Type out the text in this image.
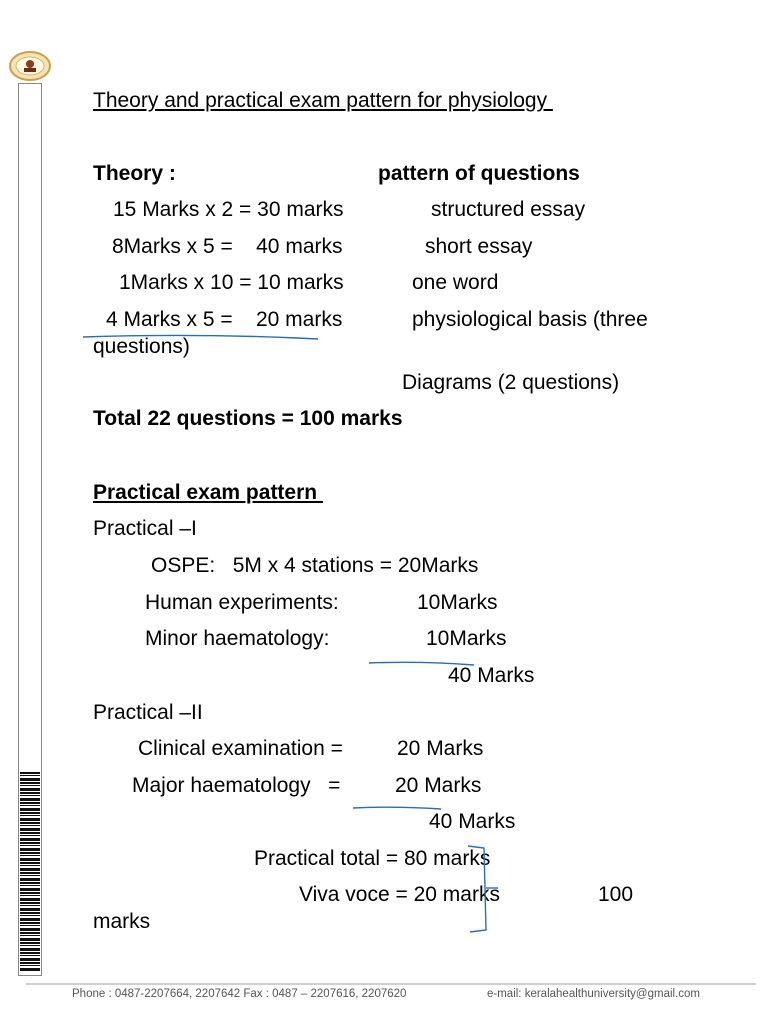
Theory and practical exam pattern for physiology
Theory :	pattern of questions
15 Marks x 2 = 30 marks	structured essay
8Marks x 5 =    40 marks	short essay
1Marks x 10 = 10 marks	one word
4 Marks x 5 =    20 marks	physiological basis (three
questions)
Diagrams (2 questions)
Total 22 questions = 100 marks
Practical exam pattern
Practical –I
OSPE:   5M x 4 stations = 20Marks
Human experiments:	10Marks
Minor haematology:	10Marks
40 Marks
Practical –II
Clinical examination =	20 Marks
Major haematology   =	20 Marks
40 Marks
Practical total = 80 marks
Viva voce = 20 marks	100
marks
Phone : 0487-2207664, 2207642 Fax : 0487 – 2207616, 2207620	e-mail: keralahealthuniversity@gmail.com
